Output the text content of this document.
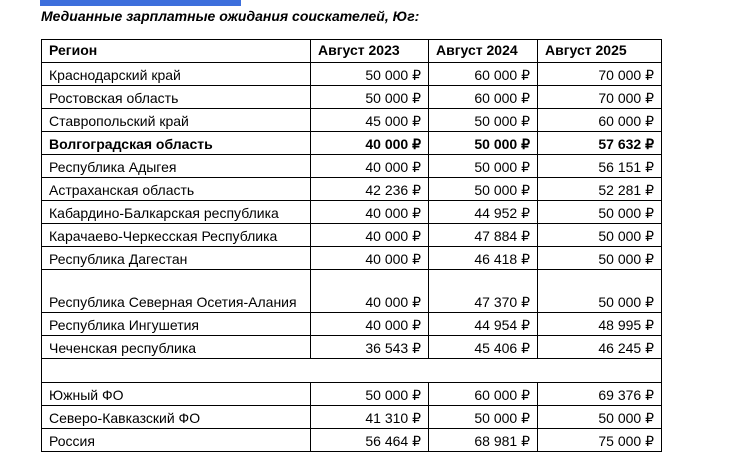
Медианные зарплатные ожидания соискателей, Юг:
Регион	Август 2023	Август 2024	Август 2025
Краснодарский край	50 000 ₽	60 000 ₽	70 000 ₽
Ростовская область	50 000 ₽	60 000 ₽	70 000 ₽
Ставропольский край	45 000 ₽	50 000 ₽	60 000 ₽
Волгоградская область	40 000 ₽	50 000 ₽	57 632 ₽
Республика Адыгея	40 000 ₽	50 000 ₽	56 151 ₽
Астраханская область	42 236 ₽	50 000 ₽	52 281 ₽
Кабардино-Балкарская республика	40 000 ₽	44 952 ₽	50 000 ₽
Карачаево-Черкесская Республика	40 000 ₽	47 884 ₽	50 000 ₽
Республика Дагестан	40 000 ₽	46 418 ₽	50 000 ₽
Республика Северная Осетия-Алания	40 000 ₽	47 370 ₽	50 000 ₽
Республика Ингушетия	40 000 ₽	44 954 ₽	48 995 ₽
Чеченская республика	36 543 ₽	45 406 ₽	46 245 ₽

Южный ФО	50 000 ₽	60 000 ₽	69 376 ₽
Северо-Кавказский ФО	41 310 ₽	50 000 ₽	50 000 ₽
Россия	56 464 ₽	68 981 ₽	75 000 ₽
